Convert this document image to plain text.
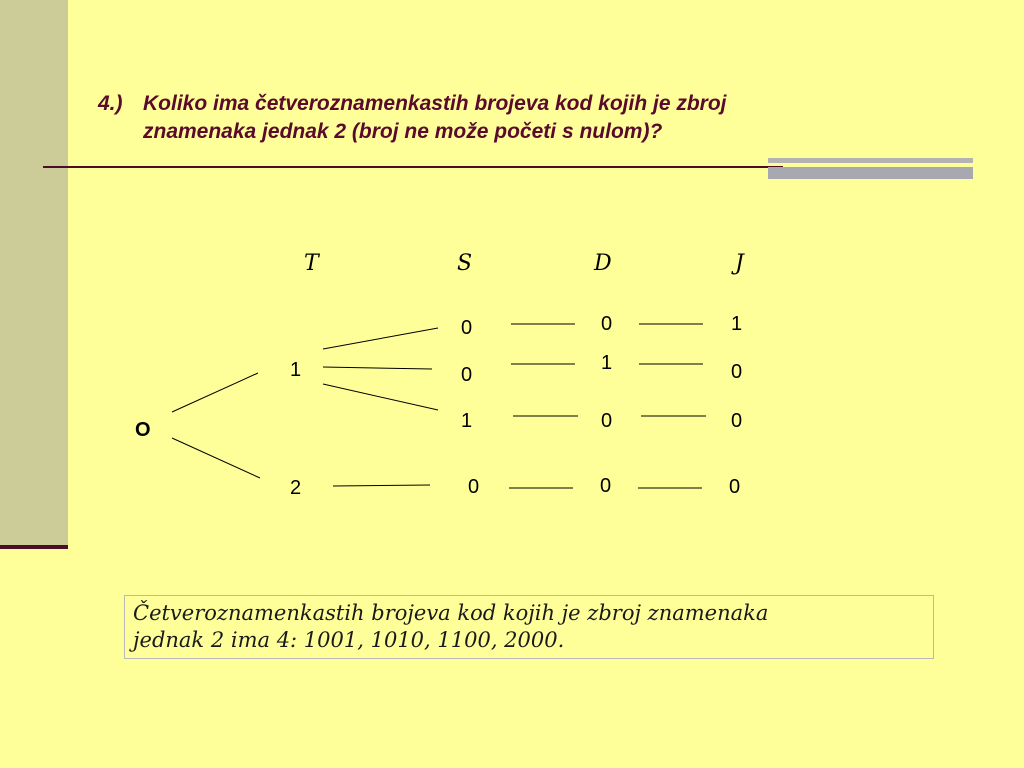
4.) Koliko ima četveroznamenkastih brojeva kod kojih je zbroj
znamenaka jednak 2 (broj ne može početi s nulom)?
T	S	D	J
O
1
2
0	0	1
0
1	0
1	0	0
0	0	0
Četveroznamenkastih brojeva kod kojih je zbroj znamenaka
jednak 2 ima 4: 1001, 1010, 1100, 2000.
